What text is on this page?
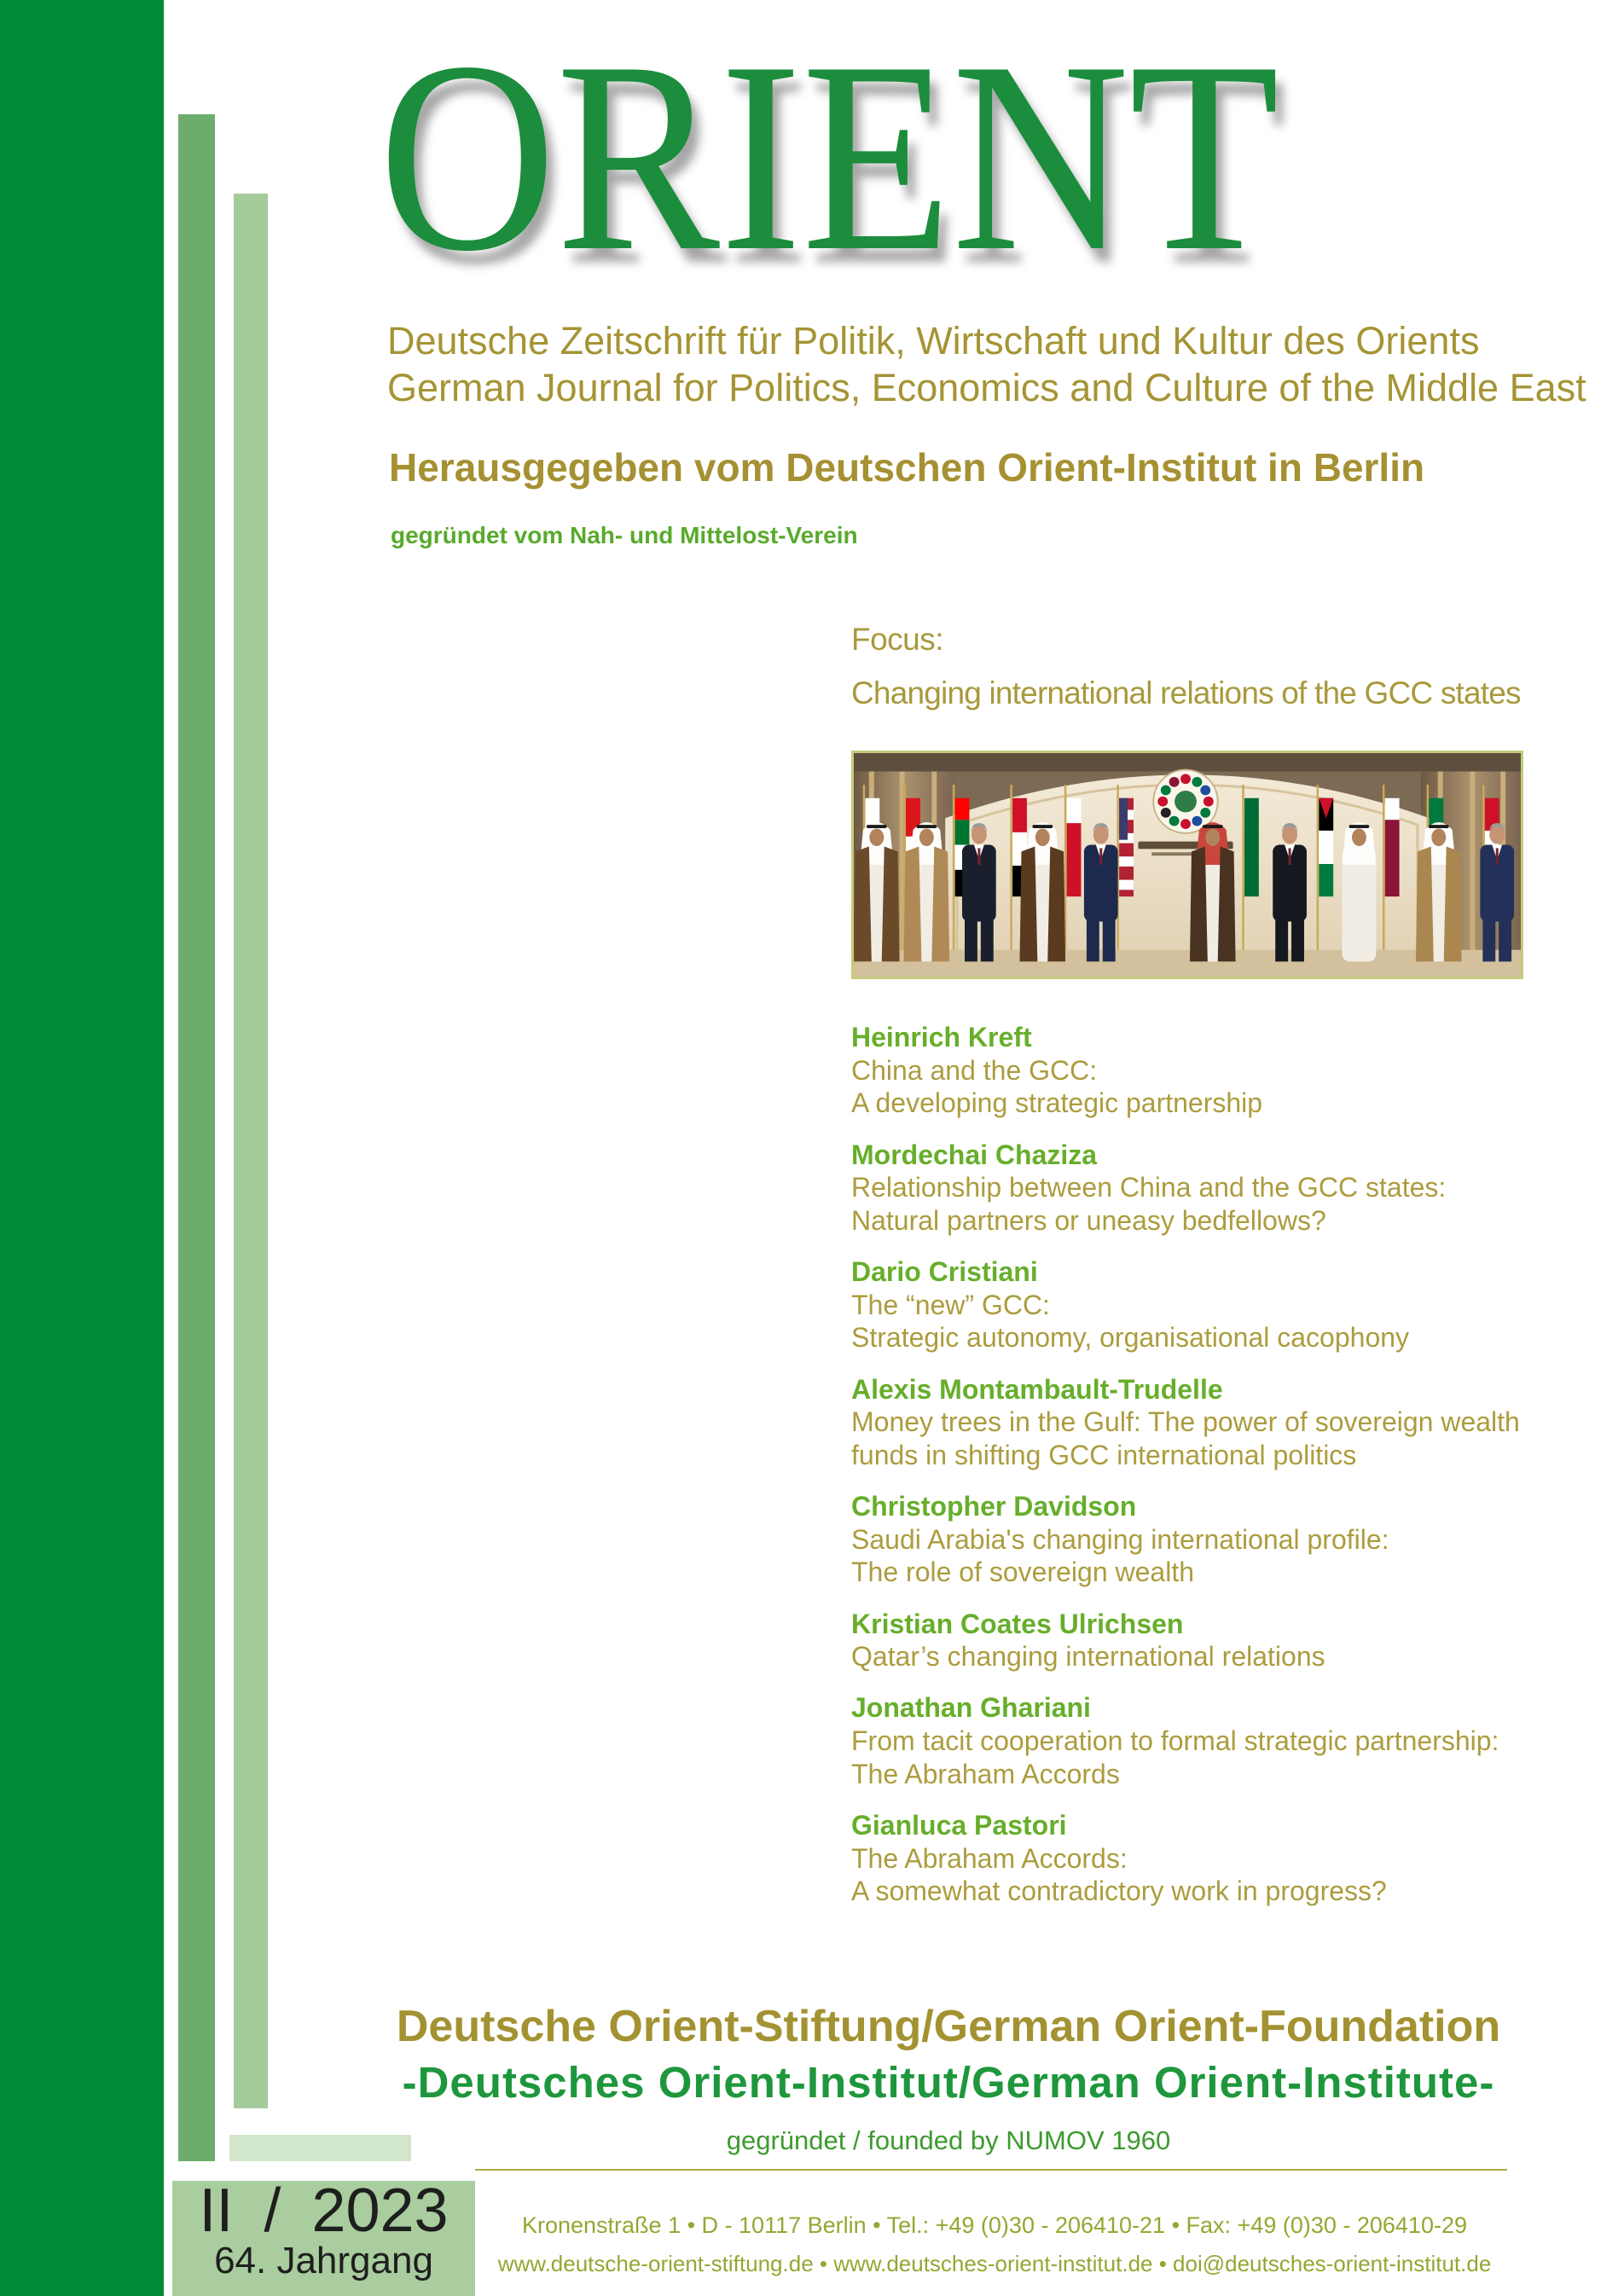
ORIENT
Deutsche Zeitschrift für Politik, Wirtschaft und Kultur des Orients
German Journal for Politics, Economics and Culture of the Middle East
Herausgegeben vom Deutschen Orient-Institut in Berlin
gegründet vom Nah- und Mittelost-Verein
Focus:
Changing international relations of the GCC states
Heinrich Kreft
China and the GCC:
A developing strategic partnership
Mordechai Chaziza
Relationship between China and the GCC states:
Natural partners or uneasy bedfellows?
Dario Cristiani
The “new” GCC:
Strategic autonomy, organisational cacophony
Alexis Montambault-Trudelle
Money trees in the Gulf: The power of sovereign wealth
funds in shifting GCC international politics
Christopher Davidson
Saudi Arabia's changing international profile:
The role of sovereign wealth
Kristian Coates Ulrichsen
Qatar’s changing international relations
Jonathan Ghariani
From tacit cooperation to formal strategic partnership:
The Abraham Accords
Gianluca Pastori
The Abraham Accords:
A somewhat contradictory work in progress?
Deutsche Orient-Stiftung/German Orient-Foundation
-Deutsches Orient-Institut/German Orient-Institute-
gegründet / founded by NUMOV 1960
Kronenstraße 1 • D - 10117 Berlin • Tel.: +49 (0)30 - 206410-21 • Fax: +49 (0)30 - 206410-29
www.deutsche-orient-stiftung.de • www.deutsches-orient-institut.de • doi@deutsches-orient-institut.de
II / 2023
64. Jahrgang
